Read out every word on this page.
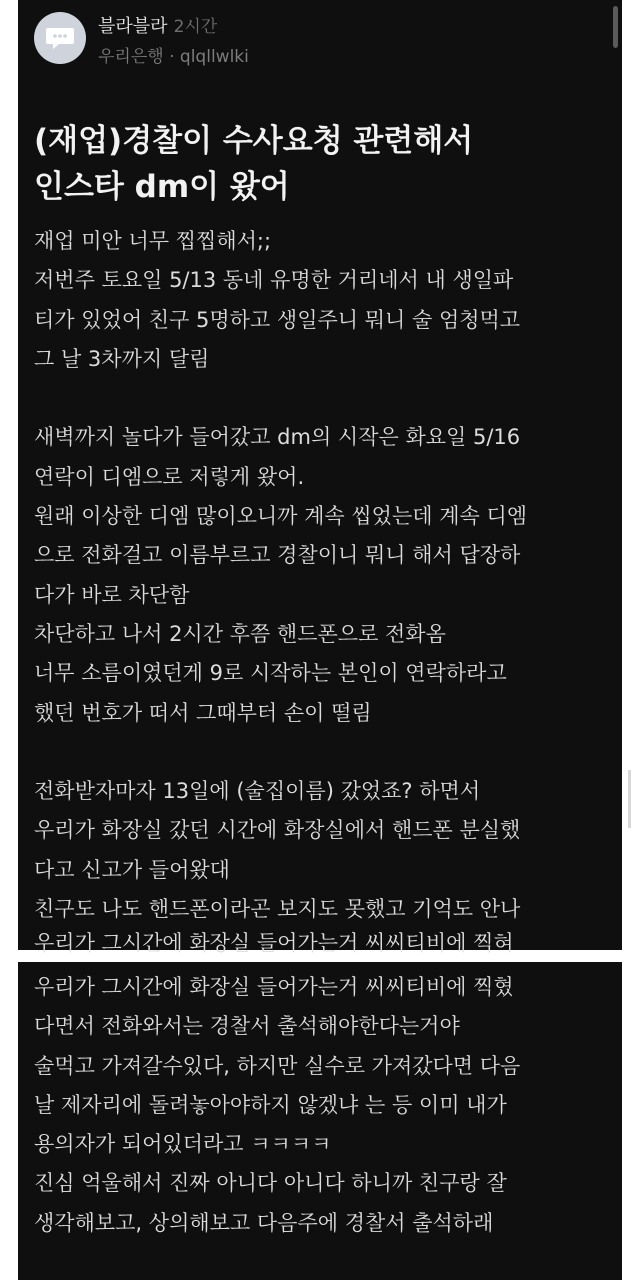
블라블라 2시간
우리은행 · qlqllwlki
(재업)경찰이 수사요청 관련해서
인스타 dm이 왔어
재업 미안 너무 찝찝해서;;
저번주 토요일 5/13 동네 유명한 거리네서 내 생일파
티가 있었어 친구 5명하고 생일주니 뭐니 술 엄청먹고
그 날 3차까지 달림
새벽까지 놀다가 들어갔고 dm의 시작은 화요일 5/16
연락이 디엠으로 저렇게 왔어.
원래 이상한 디엠 많이오니까 계속 씹었는데 계속 디엠
으로 전화걸고 이름부르고 경찰이니 뭐니 해서 답장하
다가 바로 차단함
차단하고 나서 2시간 후쯤 핸드폰으로 전화옴
너무 소름이였던게 9로 시작하는 본인이 연락하라고
했던 번호가 떠서 그때부터 손이 떨림
전화받자마자 13일에 (술집이름) 갔었죠? 하면서
우리가 화장실 갔던 시간에 화장실에서 핸드폰 분실했
다고 신고가 들어왔대
친구도 나도 핸드폰이라곤 보지도 못했고 기억도 안나
우리가 그시간에 화장실 들어가는거 씨씨티비에 찍혀
우리가 그시간에 화장실 들어가는거 씨씨티비에 찍혔
다면서 전화와서는 경찰서 출석해야한다는거야
술먹고 가져갈수있다, 하지만 실수로 가져갔다면 다음
날 제자리에 돌려놓아야하지 않겠냐 는 등 이미 내가
용의자가 되어있더라고 ㅋㅋㅋㅋ
진심 억울해서 진짜 아니다 아니다 하니까 친구랑 잘
생각해보고, 상의해보고 다음주에 경찰서 출석하래
